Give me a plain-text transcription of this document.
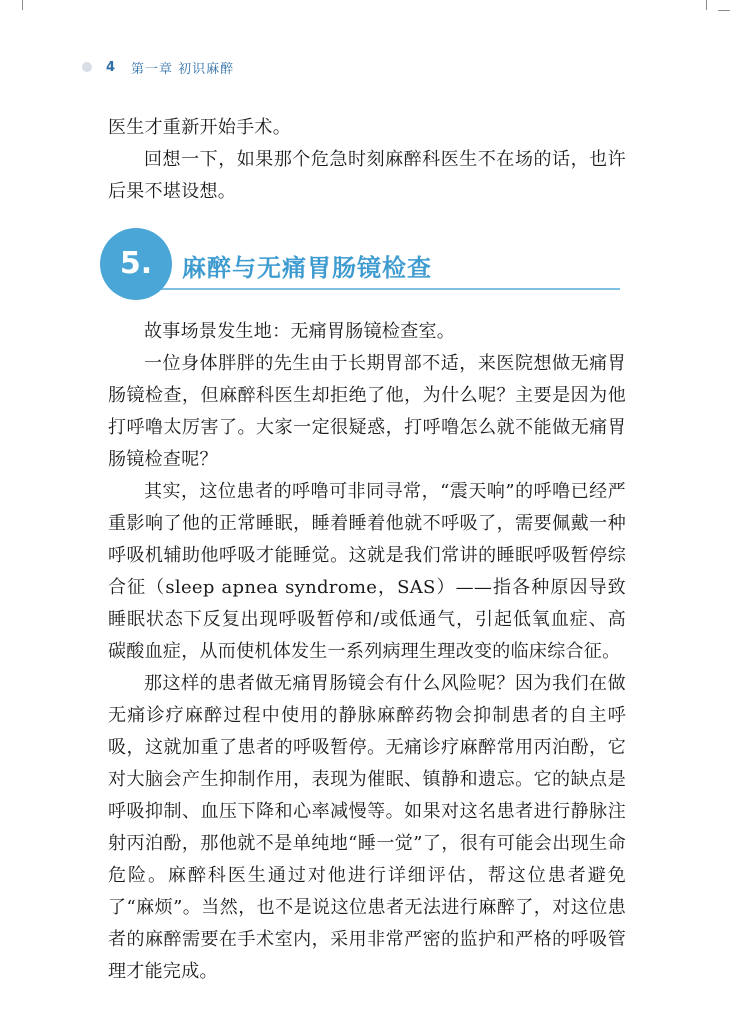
4 第一章 初识麻醉

医生才重新开始手术。

回想一下，如果那个危急时刻麻醉科医生不在场的话，也许后果不堪设想。

5.	麻醉与无痛胃肠镜检查

故事场景发生地：无痛胃肠镜检查室。

一位身体胖胖的先生由于长期胃部不适，来医院想做无痛胃肠镜检查，但麻醉科医生却拒绝了他，为什么呢？主要是因为他打呼噜太厉害了。大家一定很疑惑，打呼噜怎么就不能做无痛胃肠镜检查呢？

其实，这位患者的呼噜可非同寻常，“震天响”的呼噜已经严重影响了他的正常睡眠，睡着睡着他就不呼吸了，需要佩戴一种呼吸机辅助他呼吸才能睡觉。这就是我们常讲的睡眠呼吸暂停综合征（sleep apnea syndrome，SAS）——指各种原因导致睡眠状态下反复出现呼吸暂停和/或低通气，引起低氧血症、高碳酸血症，从而使机体发生一系列病理生理改变的临床综合征。

那这样的患者做无痛胃肠镜会有什么风险呢？因为我们在做无痛诊疗麻醉过程中使用的静脉麻醉药物会抑制患者的自主呼吸，这就加重了患者的呼吸暂停。无痛诊疗麻醉常用丙泊酚，它对大脑会产生抑制作用，表现为催眠、镇静和遗忘。它的缺点是呼吸抑制、血压下降和心率减慢等。如果对这名患者进行静脉注射丙泊酚，那他就不是单纯地“睡一觉”了，很有可能会出现生命危险。麻醉科医生通过对他进行详细评估，帮这位患者避免了“麻烦”。当然，也不是说这位患者无法进行麻醉了，对这位患者的麻醉需要在手术室内，采用非常严密的监护和严格的呼吸管理才能完成。
